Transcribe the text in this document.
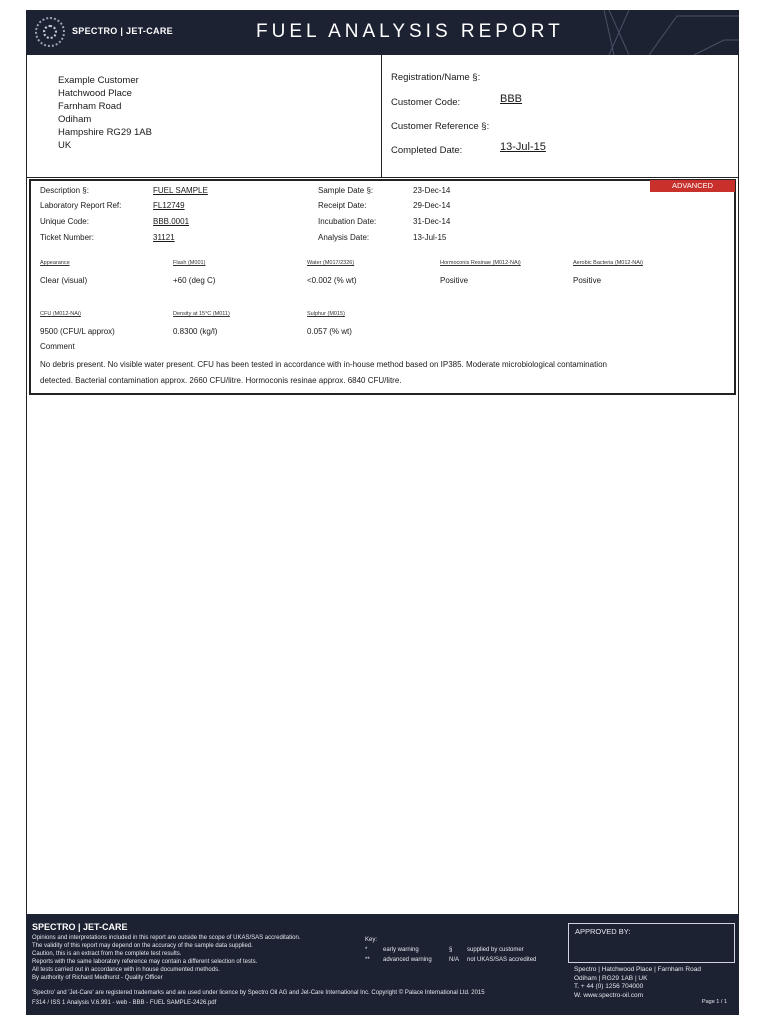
SPECTRO | JET-CARE	FUEL ANALYSIS REPORT
Example Customer
Hatchwood Place
Farnham Road
Odiham
Hampshire RG29 1AB
UK
Registration/Name §:
Customer Code:	BBB
Customer Reference §:
Completed Date:	13-Jul-15
ADVANCED
Description §:	FUEL SAMPLE
Laboratory Report Ref:	FL12749
Unique Code:	BBB.0001
Ticket Number:	31121
Sample Date §:	23-Dec-14
Receipt Date:	29-Dec-14
Incubation Date:	31-Dec-14
Analysis Date:	13-Jul-15
Appearance
Clear (visual)
Flash (M001)
+60 (deg C)
Water (M017/2326)
<0.002 (% wt)
Hormoconis Resinae (M012-NAi)
Positive
Aerobic Bacteria (M012-NAi)
Positive
CFU (M012-NAi)
9500 (CFU/L approx)
Density at 15°C (M011)
0.8300 (kg/l)
Sulphur (M015)
0.057 (% wt)
Comment
No debris present. No visible water present. CFU has been tested in accordance with in-house method based on IP385. Moderate microbiological contamination detected. Bacterial contamination approx. 2660 CFU/litre. Hormoconis resinae approx. 6840 CFU/litre.
SPECTRO | JET-CARE
Opinions and interpretations included in this report are outside the scope of UKAS/SAS accreditation.
The validity of this report may depend on the accuracy of the sample data supplied.
Caution, this is an extract from the complete test results.
Reports with the same laboratory reference may contain a different selection of tests.
All tests carried out in accordance with in house documented methods.
By authority of Richard Medhurst - Quality Officer
Key:
*	early warning	§ supplied by customer
** advanced warning	N/A not UKAS/SAS accredited
'Spectro' and 'Jet-Care' are registered trademarks and are used under licence by Spectro Oil AG and Jet-Care International Inc. Copyright © Palace International Ltd. 2015
F314 / ISS 1 Analysis V.6.991 - web - BBB - FUEL SAMPLE-2426.pdf
APPROVED BY:
Spectro | Hatchwood Place | Farnham Road
Odiham | RG29 1AB | UK
T. + 44 (0) 1256 704000
W. www.spectro-oil.com
Page 1 / 1
